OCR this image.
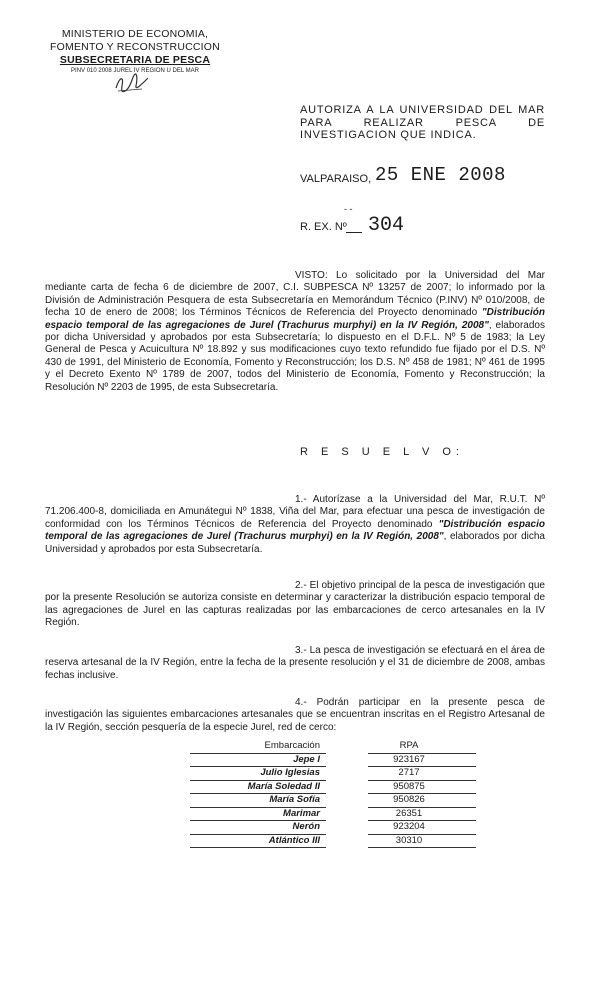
MINISTERIO DE ECONOMIA,
FOMENTO Y RECONSTRUCCION
SUBSECRETARIA DE PESCA
PINV 010 2008 JUREL IV REGION U DEL MAR
AUTORIZA A LA UNIVERSIDAD DEL MAR PARA REALIZAR PESCA DE INVESTIGACION QUE INDICA.
VALPARAISO, 25 ENE 2008
- -
R. EX. Nº 304
VISTO: Lo solicitado por la Universidad del Mar mediante carta de fecha 6 de diciembre de 2007, C.I. SUBPESCA Nº 13257 de 2007; lo informado por la División de Administración Pesquera de esta Subsecretaría en Memorándum Técnico (P.INV) Nº 010/2008, de fecha 10 de enero de 2008; los Términos Técnicos de Referencia del Proyecto denominado "Distribución espacio temporal de las agregaciones de Jurel (Trachurus murphyi) en la IV Región, 2008", elaborados por dicha Universidad y aprobados por esta Subsecretaría; lo dispuesto en el D.F.L. Nº 5 de 1983; la Ley General de Pesca y Acuicultura Nº 18.892 y sus modificaciones cuyo texto refundido fue fijado por el D.S. Nº 430 de 1991, del Ministerio de Economía, Fomento y Reconstrucción; los D.S. Nº 458 de 1981; Nº 461 de 1995 y el Decreto Exento Nº 1789 de 2007, todos del Ministerio de Economía, Fomento y Reconstrucción; la Resolución Nº 2203 de 1995, de esta Subsecretaría.
R E S U E L V O:
1.- Autorízase a la Universidad del Mar, R.U.T. Nº 71.206.400-8, domiciliada en Amunátegui Nº 1838, Viña del Mar, para efectuar una pesca de investigación de conformidad con los Términos Técnicos de Referencia del Proyecto denominado "Distribución espacio temporal de las agregaciones de Jurel (Trachurus murphyi) en la IV Región, 2008", elaborados por dicha Universidad y aprobados por esta Subsecretaría.
2.- El objetivo principal de la pesca de investigación que por la presente Resolución se autoriza consiste en determinar y caracterizar la distribución espacio temporal de las agregaciones de Jurel en las capturas realizadas por las embarcaciones de cerco artesanales en la IV Región.
3.- La pesca de investigación se efectuará en el área de reserva artesanal de la IV Región, entre la fecha de la presente resolución y el 31 de diciembre de 2008, ambas fechas inclusive.
4.- Podrán participar en la presente pesca de investigación las siguientes embarcaciones artesanales que se encuentran inscritas en el Registro Artesanal de la IV Región, sección pesquería de la especie Jurel, red de cerco:
	Embarcación		RPA	
	Jepe I		923167	
	Julio Iglesias		2717	
	María Soledad II		950875	
	María Sofía		950826	
	Marimar		26351	
	Nerón		923204	
	Atlántico III		30310	
